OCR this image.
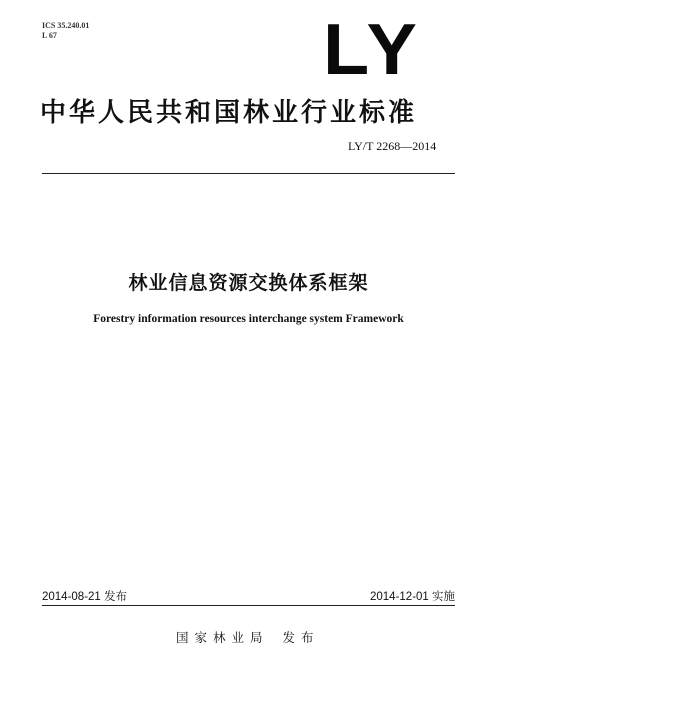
ICS 35.240.01
L 67	LY
中华人民共和国林业行业标准
LY/T 2268—2014
林业信息资源交换体系框架
Forestry information resources interchange system Framework
2014-08-21 发布	2014-12-01 实施
国家林业局 发布
